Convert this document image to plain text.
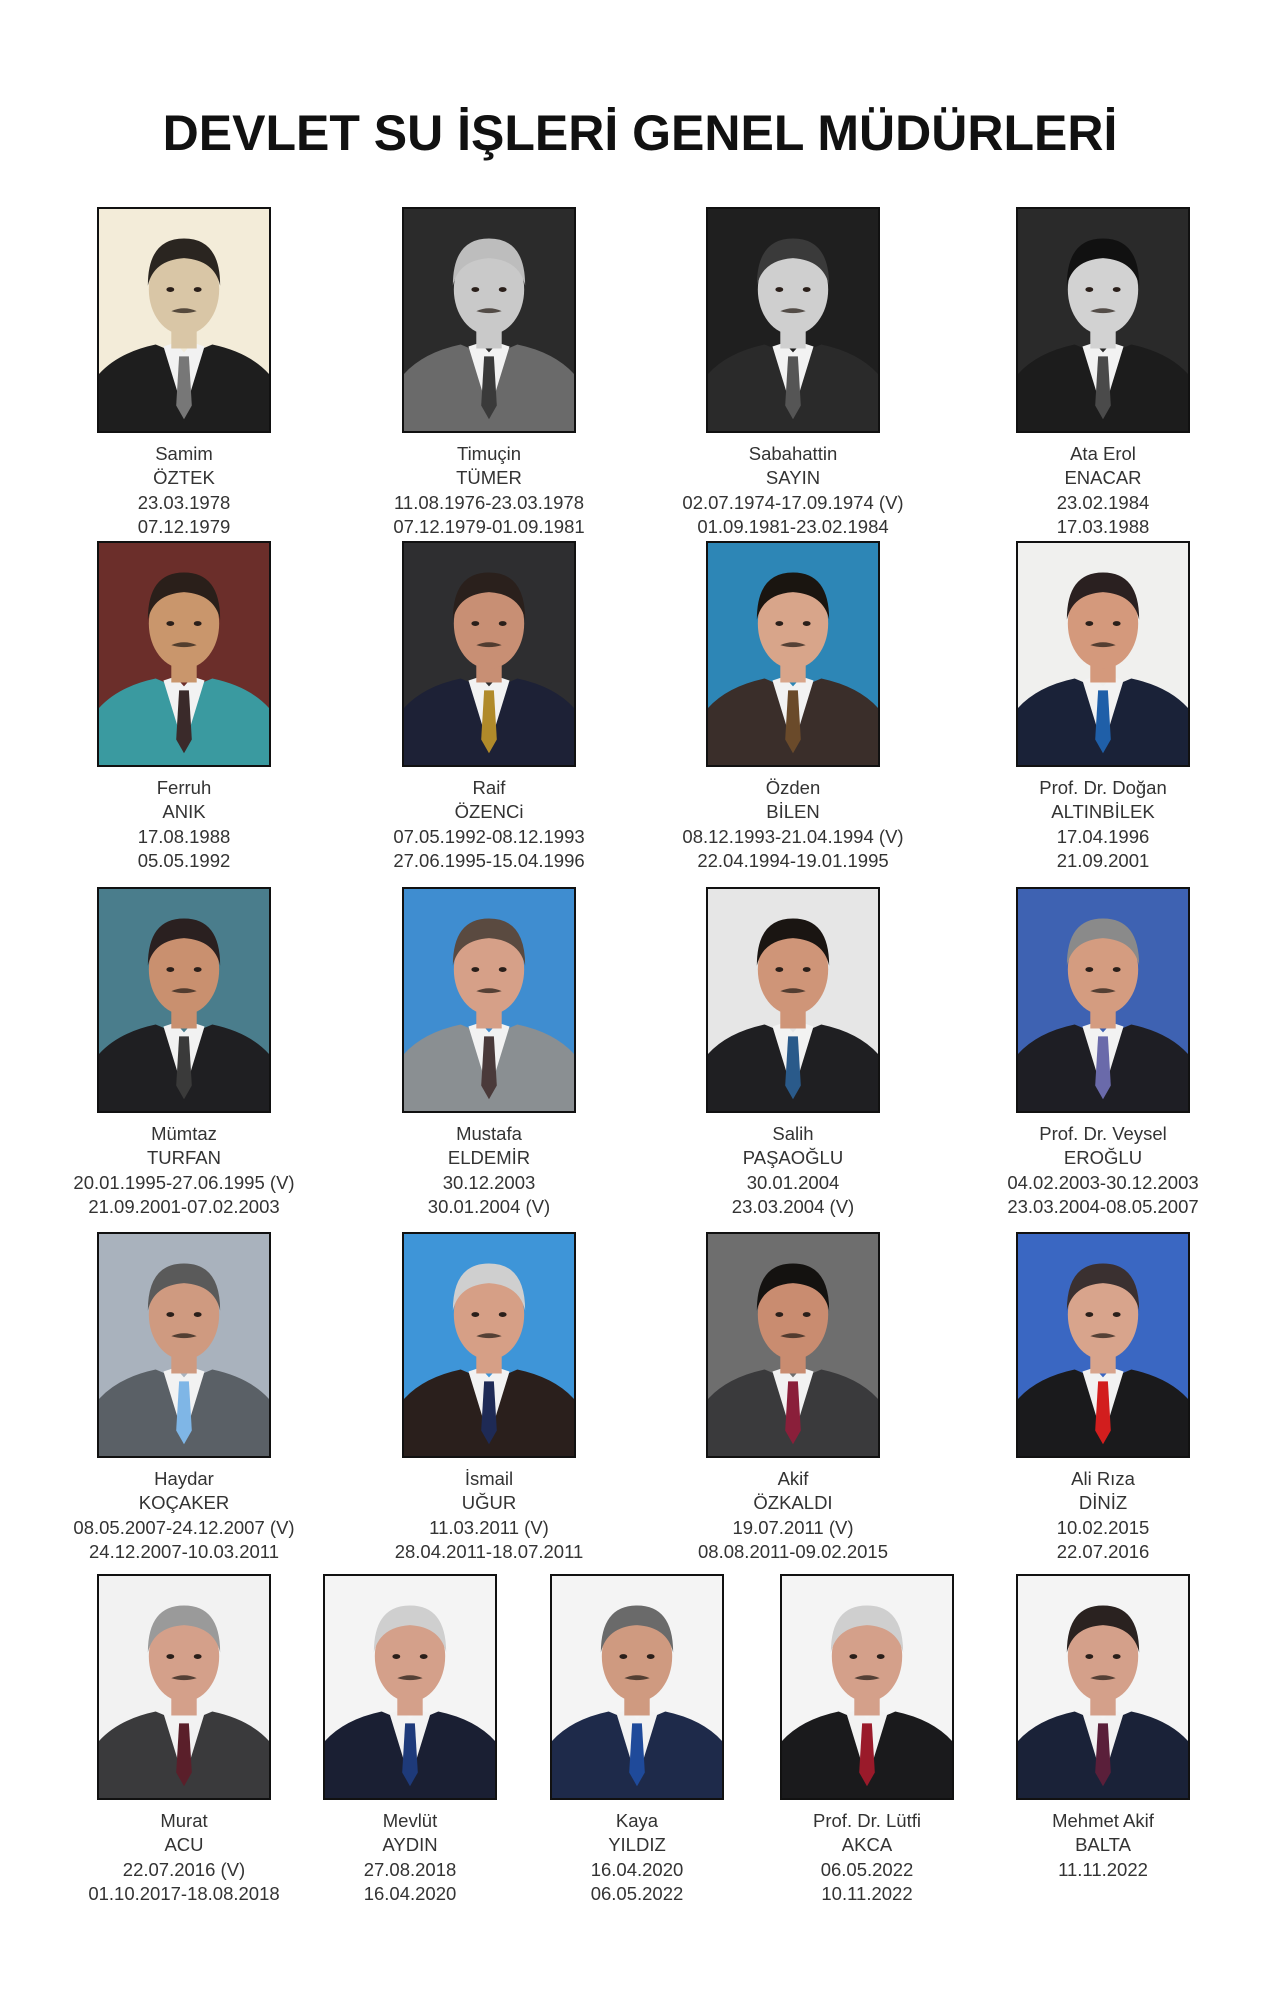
DEVLET SU İŞLERİ GENEL MÜDÜRLERİ
Samim
ÖZTEK
23.03.1978
07.12.1979
Timuçin
TÜMER
11.08.1976-23.03.1978
07.12.1979-01.09.1981
Sabahattin
SAYIN
02.07.1974-17.09.1974 (V)
01.09.1981-23.02.1984
Ata Erol
ENACAR
23.02.1984
17.03.1988
Ferruh
ANIK
17.08.1988
05.05.1992
Raif
ÖZENCi
07.05.1992-08.12.1993
27.06.1995-15.04.1996
Özden
BİLEN
08.12.1993-21.04.1994 (V)
22.04.1994-19.01.1995
Prof. Dr. Doğan
ALTINBİLEK
17.04.1996
21.09.2001
Mümtaz
TURFAN
20.01.1995-27.06.1995 (V)
21.09.2001-07.02.2003
Mustafa
ELDEMİR
30.12.2003
30.01.2004 (V)
Salih
PAŞAOĞLU
30.01.2004
23.03.2004 (V)
Prof. Dr. Veysel
EROĞLU
04.02.2003-30.12.2003
23.03.2004-08.05.2007
Haydar
KOÇAKER
08.05.2007-24.12.2007 (V)
24.12.2007-10.03.2011
İsmail
UĞUR
11.03.2011 (V)
28.04.2011-18.07.2011
Akif
ÖZKALDI
19.07.2011 (V)
08.08.2011-09.02.2015
Ali Rıza
DİNİZ
10.02.2015
22.07.2016
Murat
ACU
22.07.2016 (V)
01.10.2017-18.08.2018
Mevlüt
AYDIN
27.08.2018
16.04.2020
Kaya
YILDIZ
16.04.2020
06.05.2022
Prof. Dr. Lütfi
AKCA
06.05.2022
10.11.2022
Mehmet Akif
BALTA
11.11.2022
